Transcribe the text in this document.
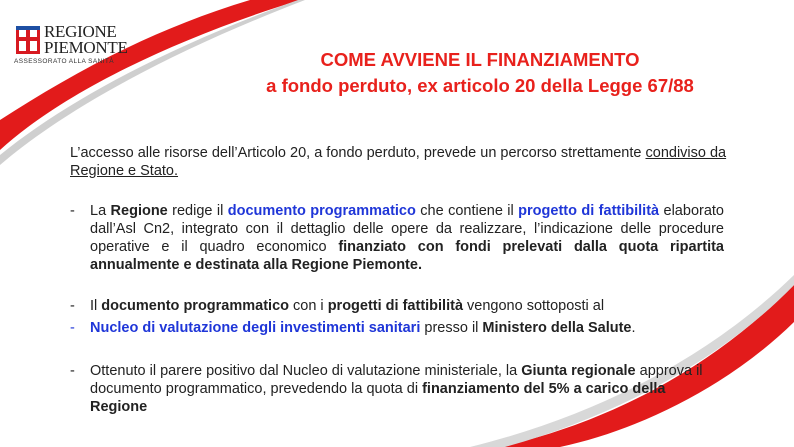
REGIONE
PIEMONTE
ASSESSORATO ALLA SANITÀ	COME AVVIENE IL FINANZIAMENTO
a fondo perduto, ex articolo 20 della Legge 67/88
L’accesso alle risorse dell’Articolo 20, a fondo perduto, prevede un percorso strettamente condiviso da Regione e Stato.
- La Regione redige il documento programmatico che contiene il progetto di fattibilità elaborato dall’Asl Cn2, integrato con il dettaglio delle opere da realizzare, l’indicazione delle procedure operative e il quadro economico finanziato con fondi prelevati dalla quota ripartita annualmente e destinata alla Regione Piemonte.
- Il documento programmatico con i progetti di fattibilità vengono sottoposti al
- Nucleo di valutazione degli investimenti sanitari presso il Ministero della Salute.
- Ottenuto il parere positivo dal Nucleo di valutazione ministeriale, la Giunta regionale approva il documento programmatico, prevedendo la quota di finanziamento del 5% a carico della Regione
